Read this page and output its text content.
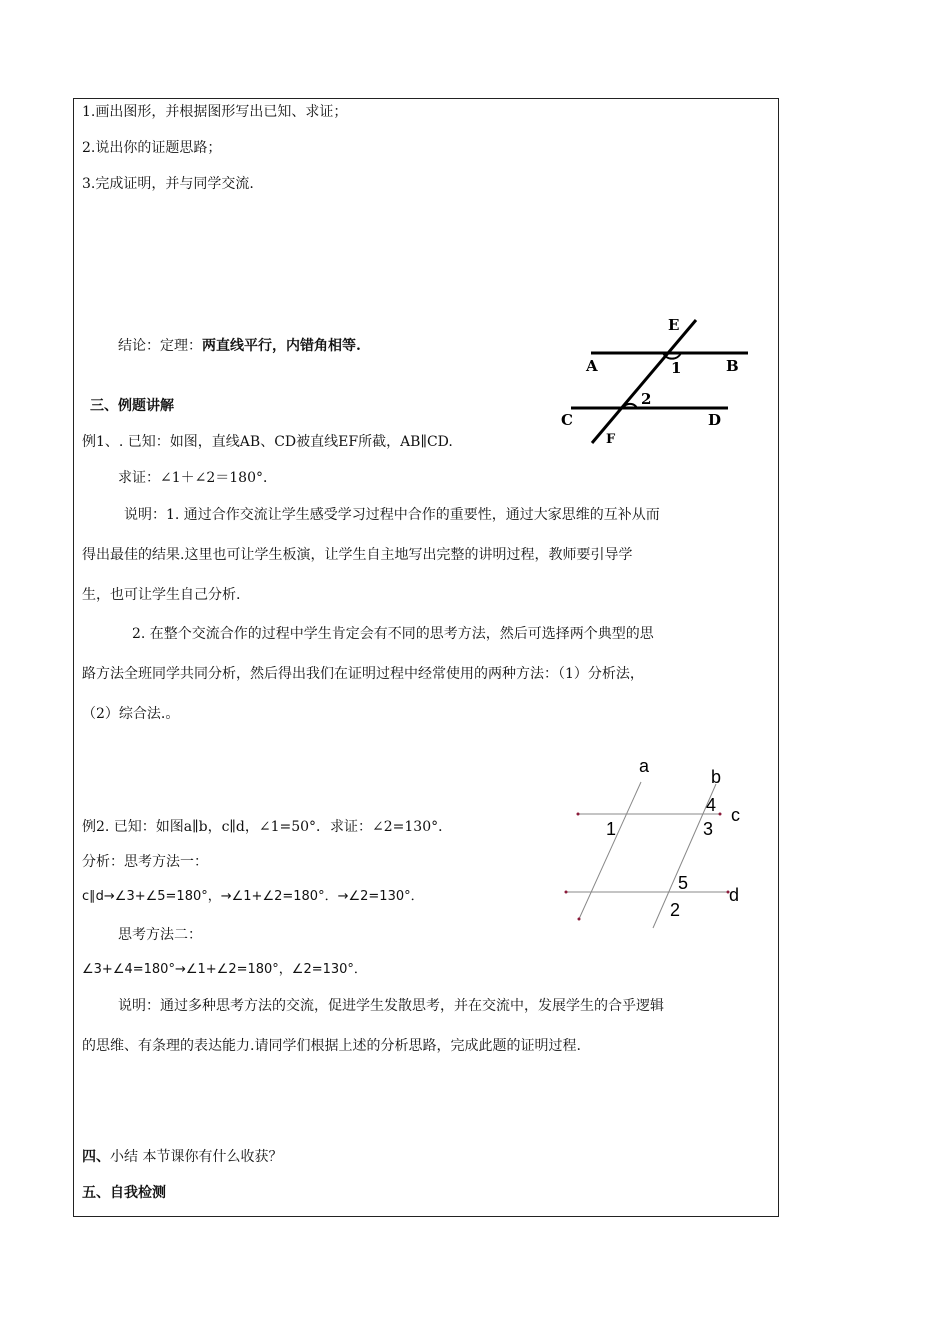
1.画出图形，并根据图形写出已知、求证；
2.说出你的证题思路；
3.完成证明，并与同学交流.
结论：定理：两直线平行，内错角相等.
E
A	1	B
2
C	D
F
三、例题讲解
例1、. 已知：如图，直线AB、CD被直线EF所截，AB∥CD.
求证：∠1＋∠2＝180°．
说明：1. 通过合作交流让学生感受学习过程中合作的重要性，通过大家思维的互补从而
得出最佳的结果.这里也可让学生板演，让学生自主地写出完整的讲明过程，教师要引导学
生，也可让学生自己分析.
2. 在整个交流合作的过程中学生肯定会有不同的思考方法，然后可选择两个典型的思
路方法全班同学共同分析，然后得出我们在证明过程中经常使用的两种方法：（1）分析法，
（2）综合法.。
a
b
4 c
1	3
5
d
2
例2. 已知：如图a∥b，c∥d，∠1=50°．求证：∠2=130°．
分析：思考方法一：
c∥d→∠3+∠5=180°，→∠1+∠2=180°．→∠2=130°．
思考方法二：
∠3+∠4=180°→∠1+∠2=180°，∠2=130°．
说明：通过多种思考方法的交流，促进学生发散思考，并在交流中，发展学生的合乎逻辑
的思维、有条理的表达能力.请同学们根据上述的分析思路，完成此题的证明过程.
四、小结 本节课你有什么收获？
五、自我检测
